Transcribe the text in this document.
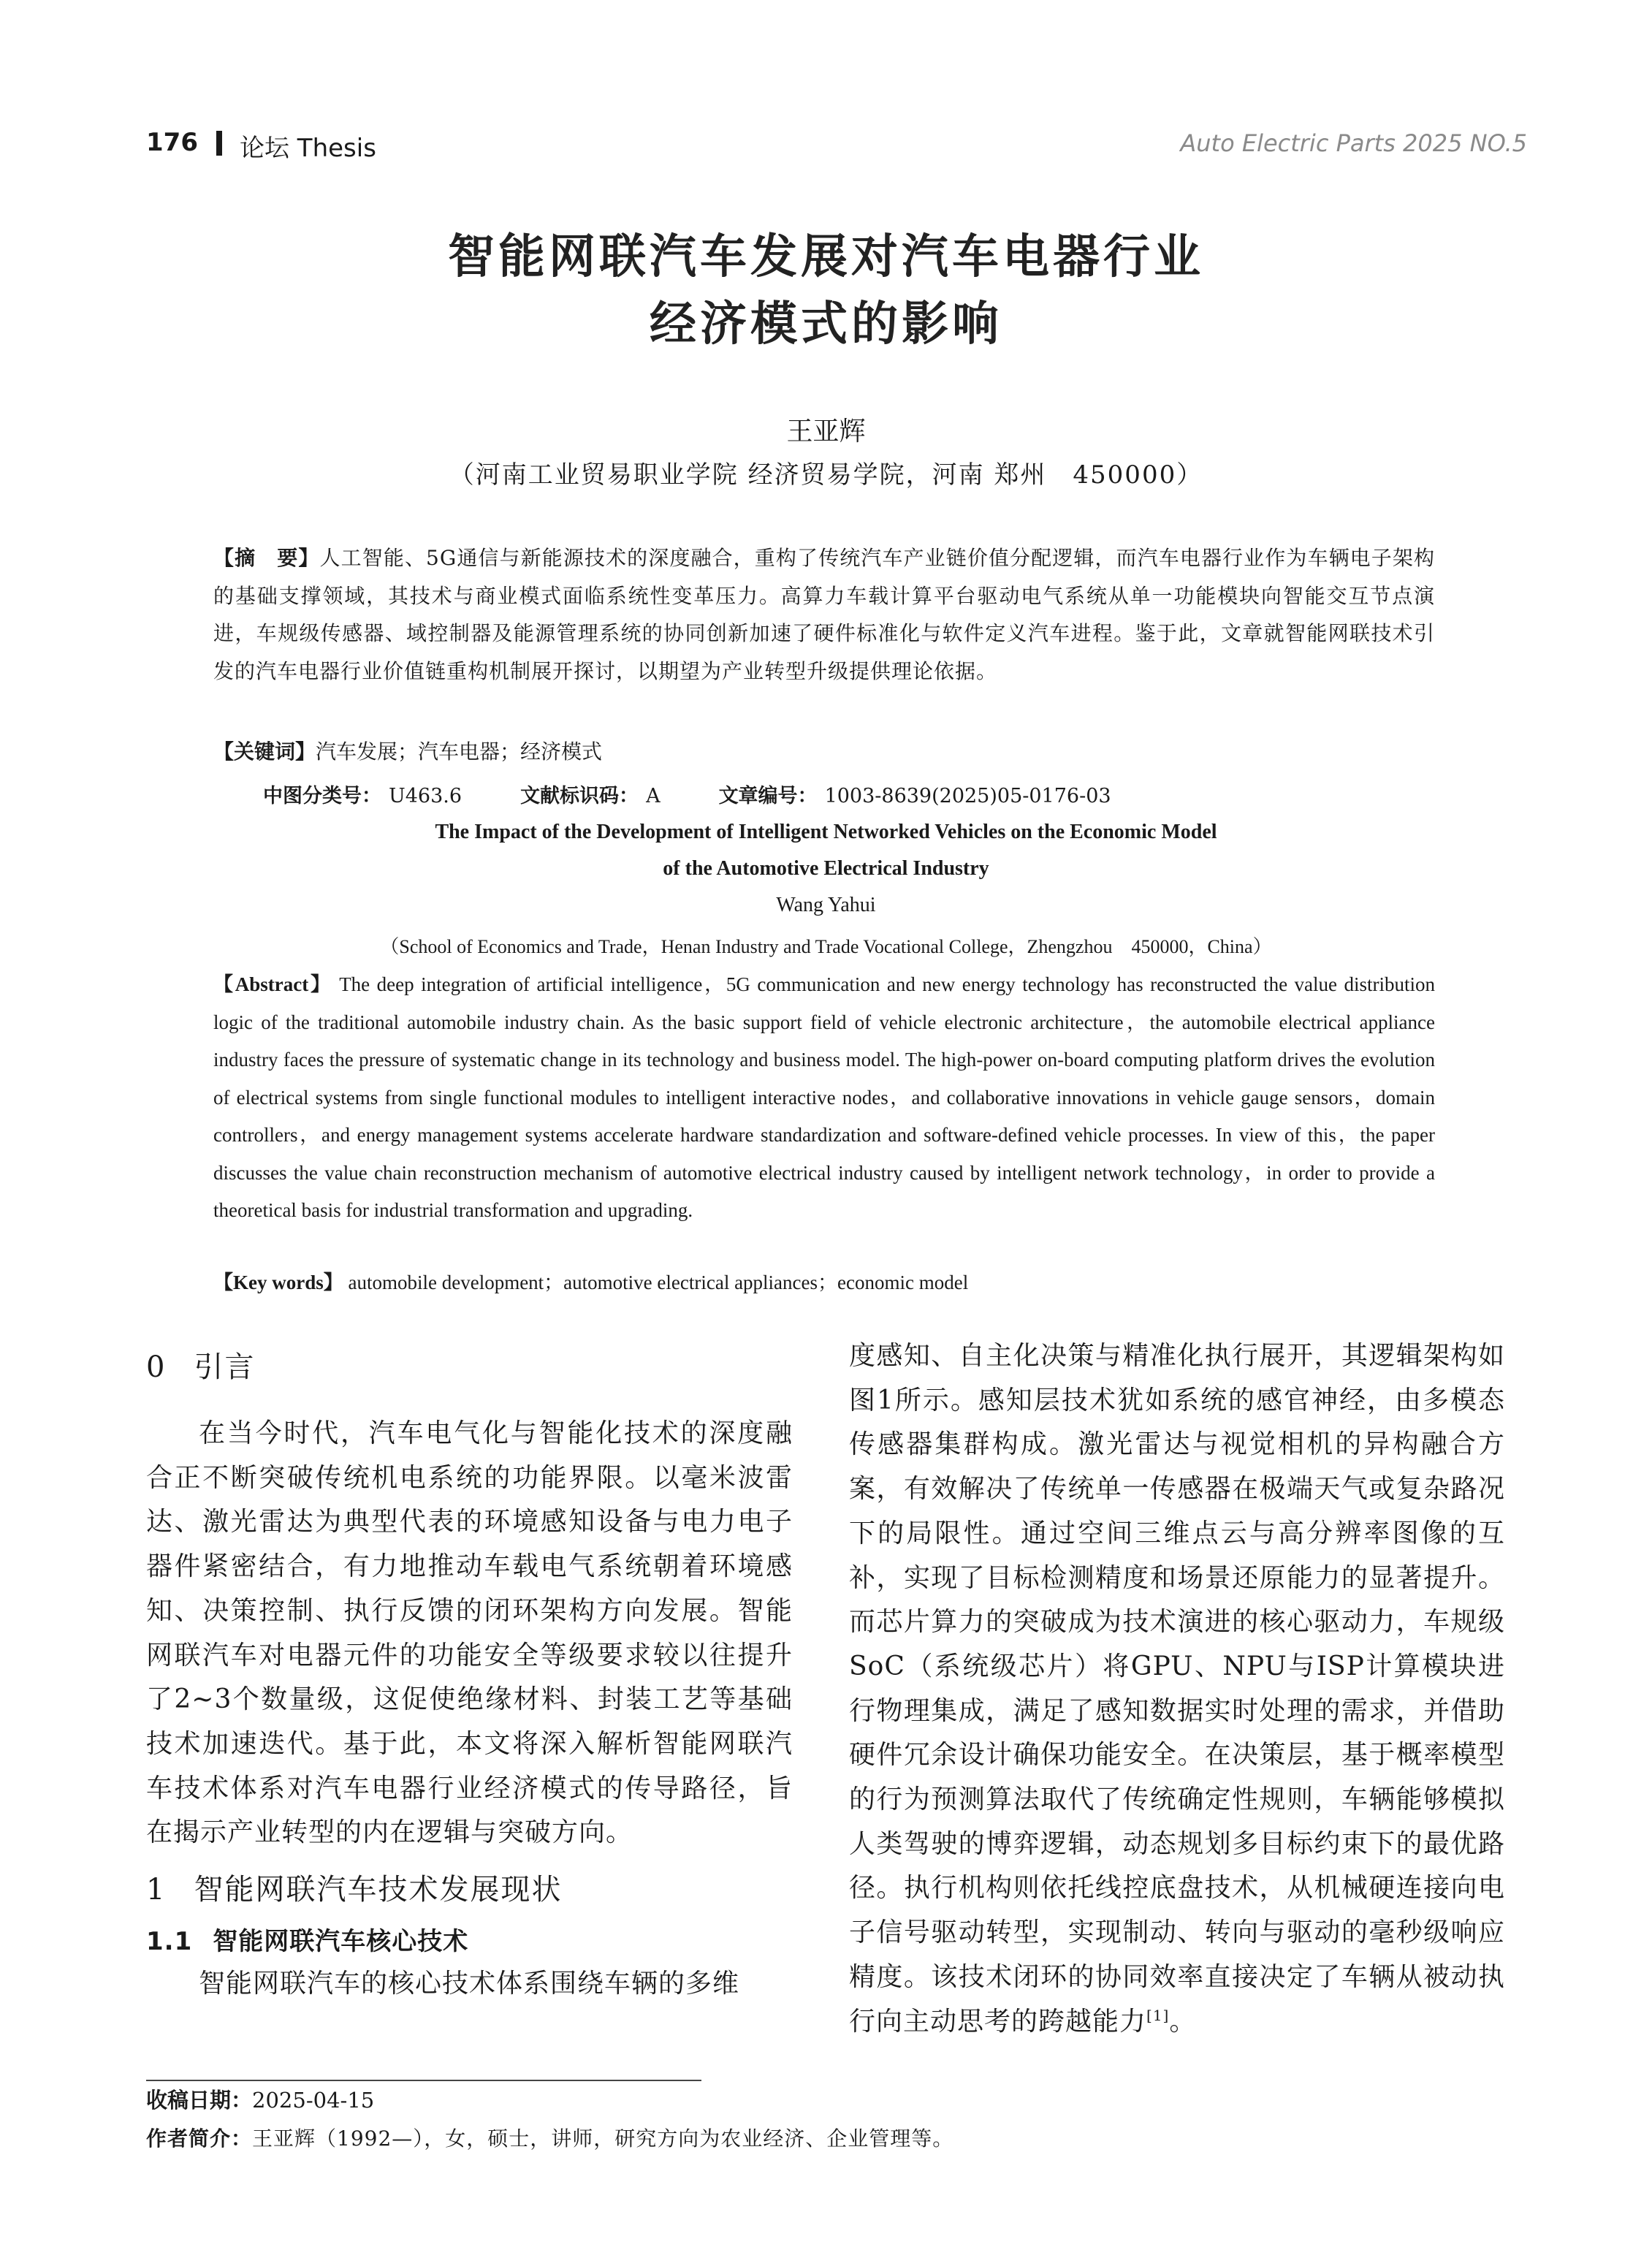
176 论坛 Thesis	Auto Electric Parts 2025 NO.5
智能网联汽车发展对汽车电器行业
经济模式的影响
王亚辉
（河南工业贸易职业学院 经济贸易学院，河南 郑州　450000）
【摘　要】人工智能、5G通信与新能源技术的深度融合，重构了传统汽车产业链价值分配逻辑，而汽车电器行业作为车辆电子架构的基础支撑领域，其技术与商业模式面临系统性变革压力。高算力车载计算平台驱动电气系统从单一功能模块向智能交互节点演进，车规级传感器、域控制器及能源管理系统的协同创新加速了硬件标准化与软件定义汽车进程。鉴于此，文章就智能网联技术引发的汽车电器行业价值链重构机制展开探讨，以期望为产业转型升级提供理论依据。
【关键词】汽车发展；汽车电器；经济模式
中图分类号： U463.6	文献标识码： A	文章编号： 1003-8639(2025)05-0176-03
The Impact of the Development of Intelligent Networked Vehicles on the Economic Model
of the Automotive Electrical Industry
Wang Yahui
（School of Economics and Trade，Henan Industry and Trade Vocational College，Zhengzhou　450000，China）
【Abstract】 The deep integration of artificial intelligence，5G communication and new energy technology has reconstructed the value distribution logic of the traditional automobile industry chain. As the basic support field of vehicle electronic architecture，the automobile electrical appliance industry faces the pressure of systematic change in its technology and business model. The high-power on-board computing platform drives the evolution of electrical systems from single functional modules to intelligent interactive nodes，and collaborative innovations in vehicle gauge sensors，domain controllers，and energy management systems accelerate hardware standardization and software-defined vehicle processes. In view of this，the paper discusses the value chain reconstruction mechanism of automotive electrical industry caused by intelligent network technology，in order to provide a theoretical basis for industrial transformation and upgrading.
【Key words】 automobile development；automotive electrical appliances；economic model
0 引言

在当今时代，汽车电气化与智能化技术的深度融合正不断突破传统机电系统的功能界限。以毫米波雷达、激光雷达为典型代表的环境感知设备与电力电子器件紧密结合，有力地推动车载电气系统朝着环境感知、决策控制、执行反馈的闭环架构方向发展。智能网联汽车对电器元件的功能安全等级要求较以往提升了2~3个数量级，这促使绝缘材料、封装工艺等基础技术加速迭代。基于此，本文将深入解析智能网联汽车技术体系对汽车电器行业经济模式的传导路径，旨在揭示产业转型的内在逻辑与突破方向。

1 智能网联汽车技术发展现状
1.1 智能网联汽车核心技术

智能网联汽车的核心技术体系围绕车辆的多维

度感知、自主化决策与精准化执行展开，其逻辑架构如图1所示。感知层技术犹如系统的感官神经，由多模态传感器集群构成。激光雷达与视觉相机的异构融合方案，有效解决了传统单一传感器在极端天气或复杂路况下的局限性。通过空间三维点云与高分辨率图像的互补，实现了目标检测精度和场景还原能力的显著提升。而芯片算力的突破成为技术演进的核心驱动力，车规级SoC（系统级芯片）将GPU、NPU与ISP计算模块进行物理集成，满足了感知数据实时处理的需求，并借助硬件冗余设计确保功能安全。在决策层，基于概率模型的行为预测算法取代了传统确定性规则，车辆能够模拟人类驾驶的博弈逻辑，动态规划多目标约束下的最优路径。执行机构则依托线控底盘技术，从机械硬连接向电子信号驱动转型，实现制动、转向与驱动的毫秒级响应精度。该技术闭环的协同效率直接决定了车辆从被动执行向主动思考的跨越能力[1]。

收稿日期：2025-04-15
作者简介：王亚辉（1992—），女，硕士，讲师，研究方向为农业经济、企业管理等。
